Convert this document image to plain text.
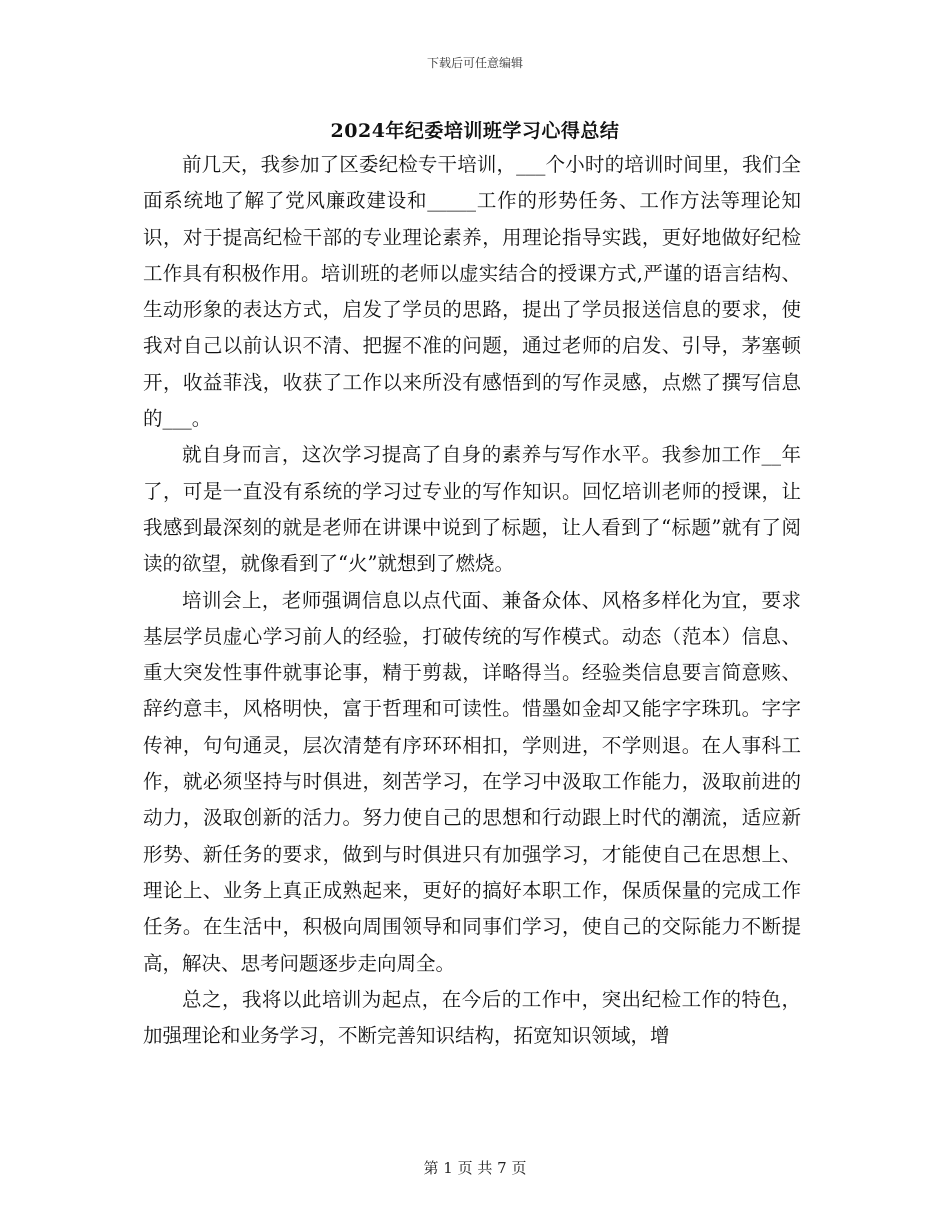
下载后可任意编辑
2024年纪委培训班学习心得总结

前几天，我参加了区委纪检专干培训，___个小时的培训时间里，我们全面系统地了解了党风廉政建设和_____工作的形势任务、工作方法等理论知识，对于提高纪检干部的专业理论素养，用理论指导实践，更好地做好纪检工作具有积极作用。培训班的老师以虚实结合的授课方式,严谨的语言结构、生动形象的表达方式，启发了学员的思路，提出了学员报送信息的要求，使我对自己以前认识不清、把握不准的问题，通过老师的启发、引导，茅塞顿开，收益菲浅，收获了工作以来所没有感悟到的写作灵感，点燃了撰写信息的___。

就自身而言，这次学习提高了自身的素养与写作水平。我参加工作__年了，可是一直没有系统的学习过专业的写作知识。回忆培训老师的授课，让我感到最深刻的就是老师在讲课中说到了标题，让人看到了“标题”就有了阅读的欲望，就像看到了“火”就想到了燃烧。

培训会上，老师强调信息以点代面、兼备众体、风格多样化为宜，要求基层学员虚心学习前人的经验，打破传统的写作模式。动态（范本）信息、重大突发性事件就事论事，精于剪裁，详略得当。经验类信息要言简意赅、辞约意丰，风格明快，富于哲理和可读性。惜墨如金却又能字字珠玑。字字传神，句句通灵，层次清楚有序环环相扣，学则进，不学则退。在人事科工作，就必须坚持与时俱进，刻苦学习，在学习中汲取工作能力，汲取前进的动力，汲取创新的活力。努力使自己的思想和行动跟上时代的潮流，适应新形势、新任务的要求，做到与时俱进只有加强学习，才能使自己在思想上、理论上、业务上真正成熟起来，更好的搞好本职工作，保质保量的完成工作任务。在生活中，积极向周围领导和同事们学习，使自己的交际能力不断提高，解决、思考问题逐步走向周全。

总之，我将以此培训为起点，在今后的工作中，突出纪检工作的特色，加强理论和业务学习，不断完善知识结构，拓宽知识领域，增

第 1 页 共 7 页
